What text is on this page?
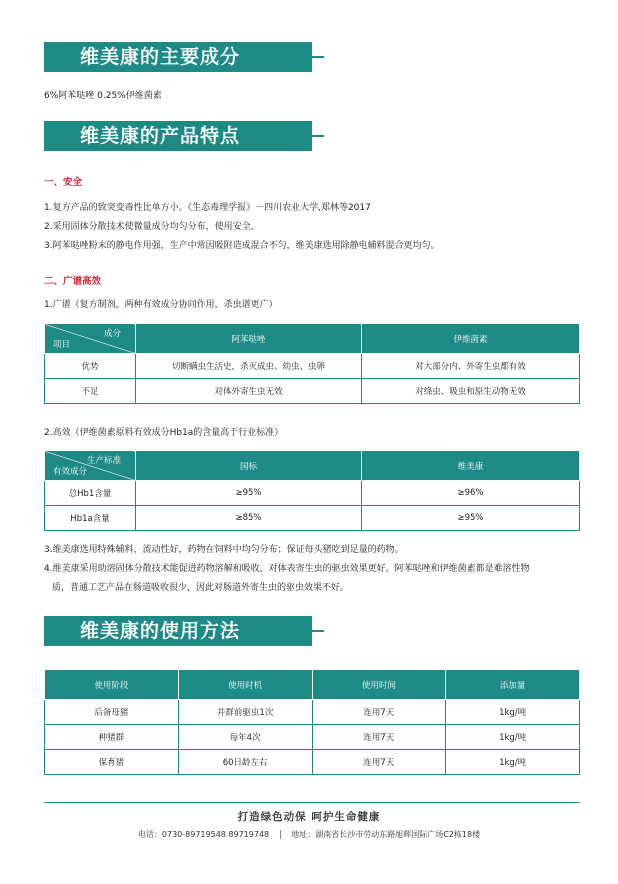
维美康的主要成分
6%阿苯哒唑 0.25%伊维菌素
维美康的产品特点
一、安全
1.复方产品的致突变毒性比单方小。《生态毒理学报》－四川农业大学,郑林等2017
2.采用固体分散技术使微量成分均匀分布，使用安全。
3.阿苯哒唑粉末的静电作用强，生产中常因吸附造成混合不匀，维美康选用除静电辅料混合更均匀。
二、广谱高效
1.广谱（复方制剂，两种有效成分协同作用，杀虫谱更广）
成分
项目	阿苯哒唑	伊维菌素
优势	切断螨虫生活史，杀灭成虫、幼虫、虫卵	对大部分内、外寄生虫都有效
不足	对体外寄生虫无效	对绦虫、吸虫和原生动物无效
2.高效（伊维菌素原料有效成分Hb1a的含量高于行业标准）
生产标准
有效成分	国标	维美康
总Hb1含量	≥95%	≥96%
Hb1a含量	≥85%	≥95%
3.维美康选用特殊辅料，流动性好，药物在饲料中均匀分布；保证每头猪吃到足量的药物。
4.维美康采用助溶固体分散技术能促进药物溶解和吸收，对体表寄生虫的驱虫效果更好。阿苯哒唑和伊维菌素都是难溶性物
质，普通工艺产品在肠道吸收很少，因此对肠道外寄生虫的驱虫效果不好。
维美康的使用方法
使用阶段	使用时机	使用时间	添加量
后备母猪	并群前驱虫1次	连用7天	1kg/吨
种猪群	每年4次	连用7天	1kg/吨
保育猪	60日龄左右	连用7天	1kg/吨
打造绿色动保 呵护生命健康
电话：0730-89719548 89719748	地址：湖南省长沙市劳动东路旭辉国际广场C2栋18楼
